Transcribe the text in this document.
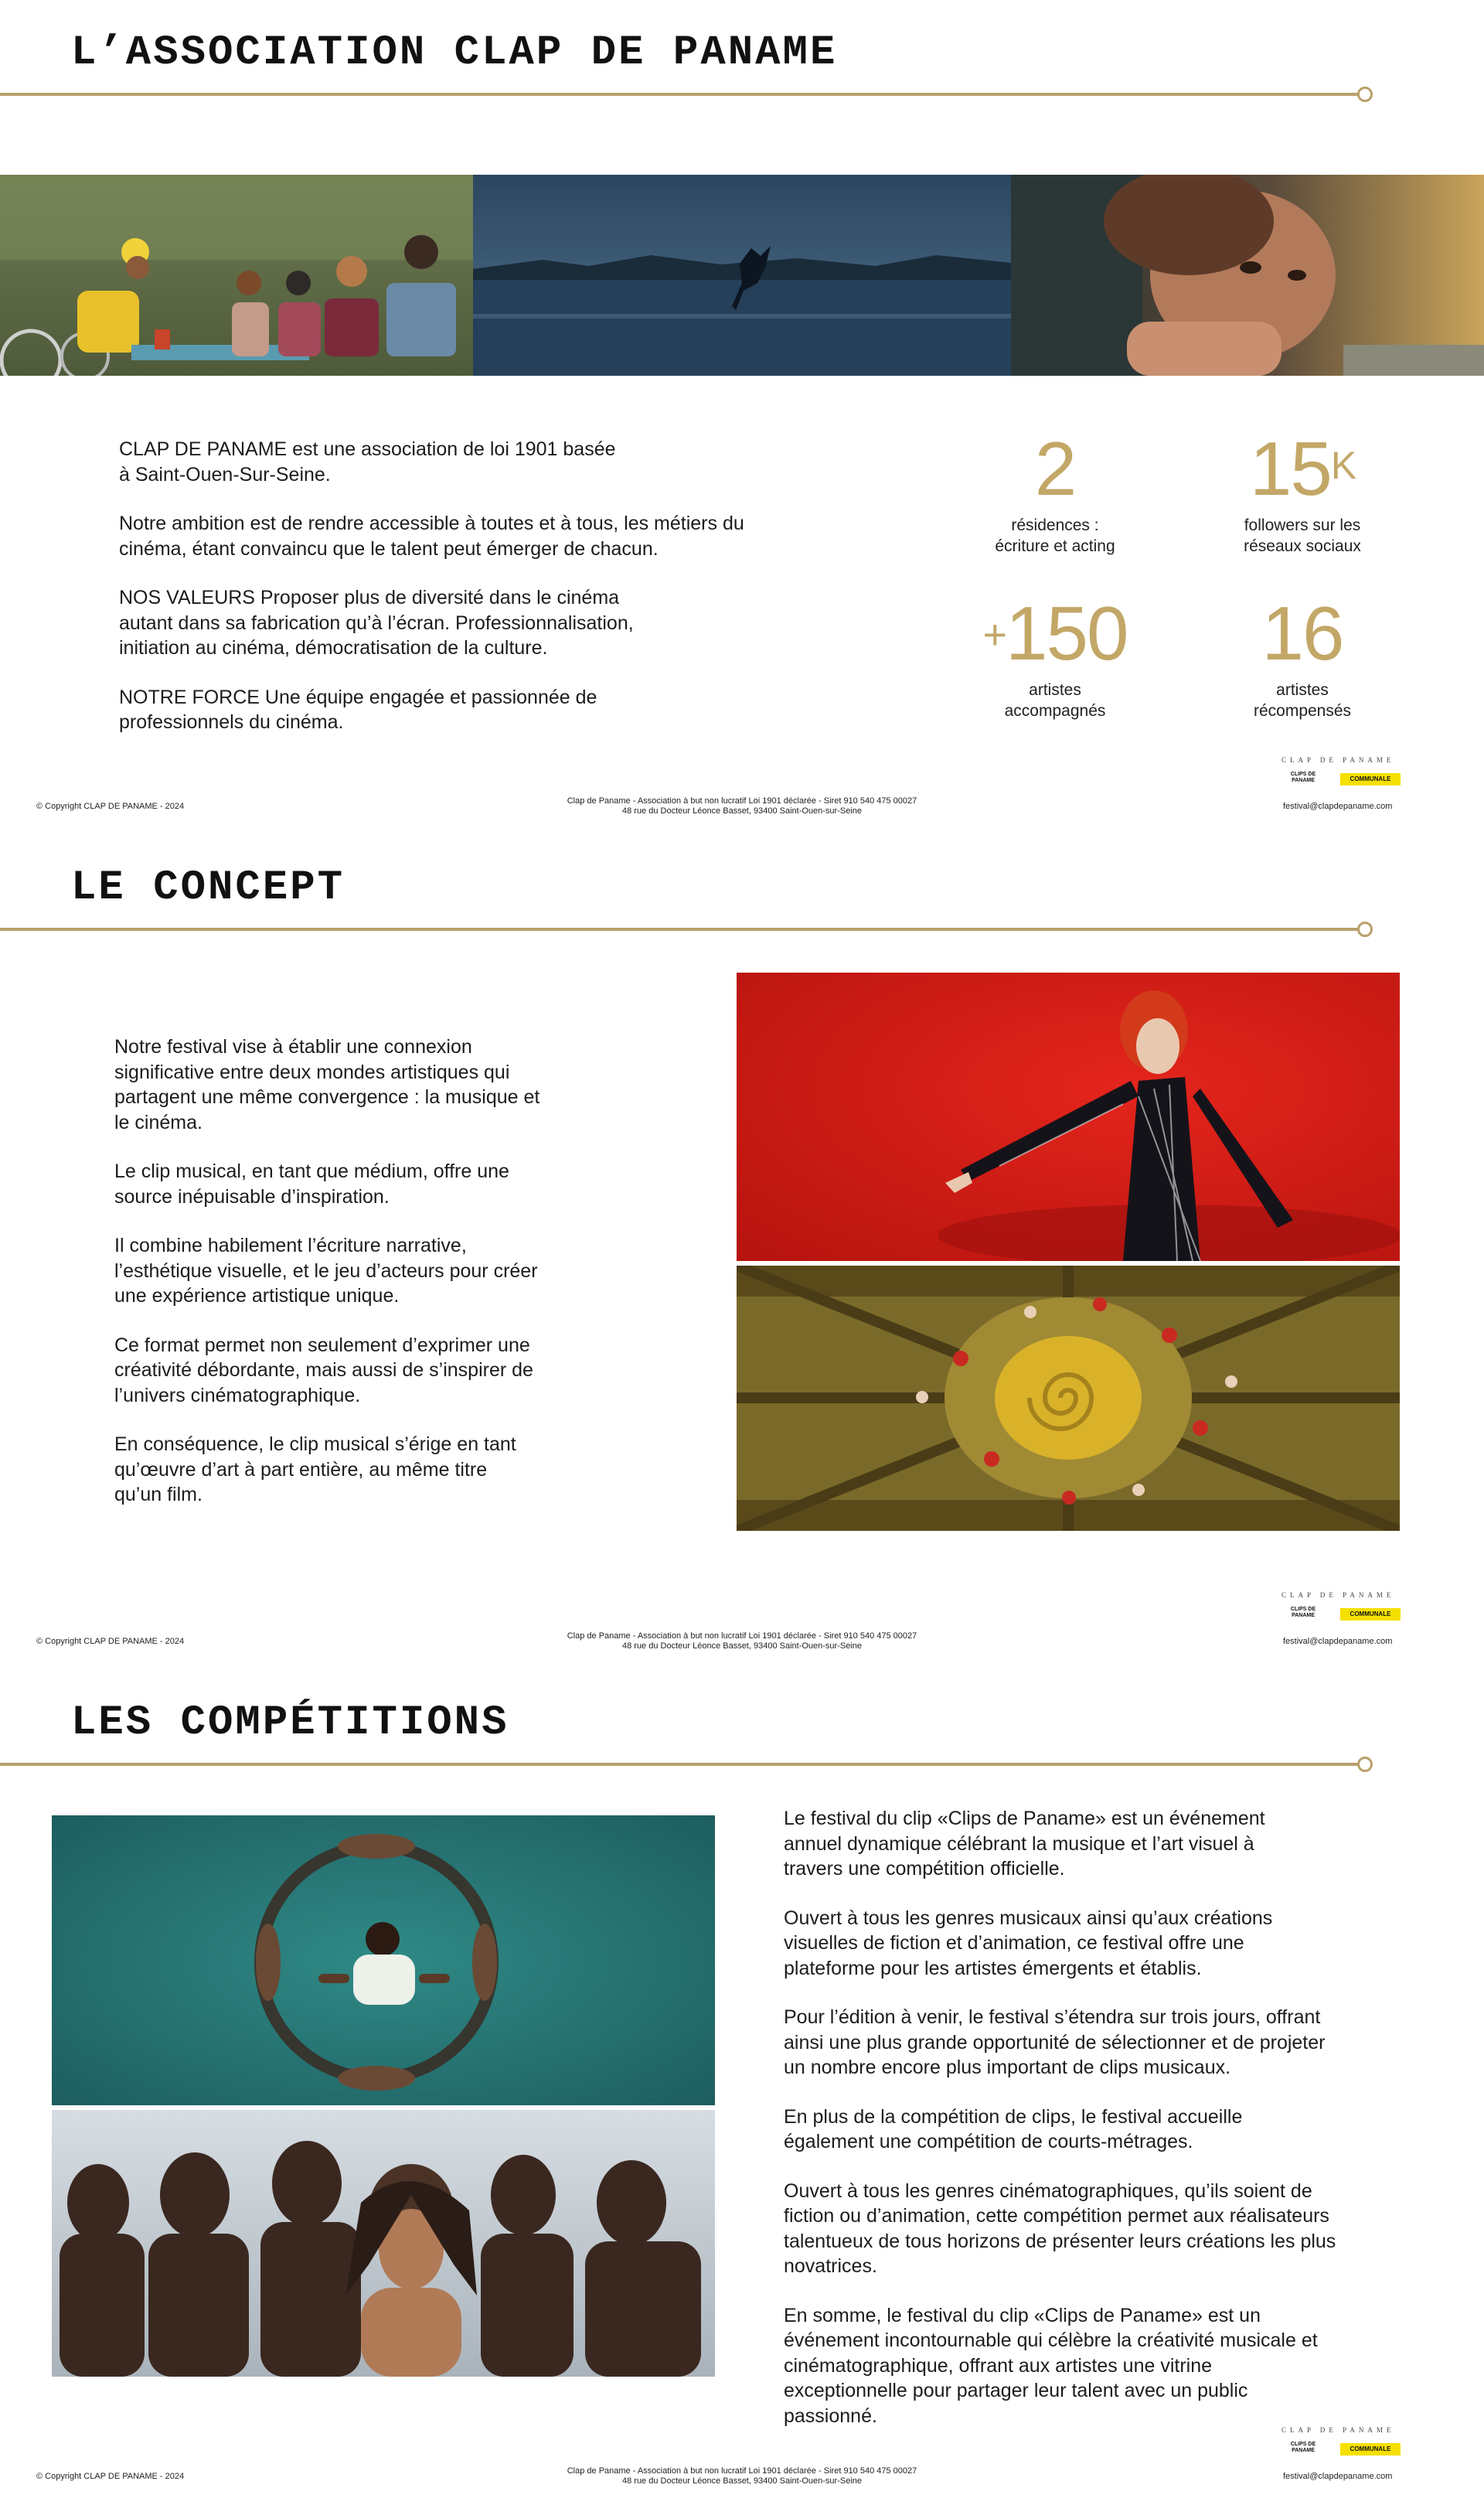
L’ASSOCIATION CLAP DE PANAME

CLAP DE PANAME est une association de loi 1901 basée à Saint-Ouen-Sur-Seine.

Notre ambition est de rendre accessible à toutes et à tous, les métiers du cinéma, étant convaincu que le talent peut émerger de chacun.

NOS VALEURS Proposer plus de diversité dans le cinéma autant dans sa fabrication qu’à l’écran. Professionnalisation, initiation au cinéma, démocratisation de la culture.

NOTRE FORCE Une équipe engagée et passionnée de professionnels du cinéma.

2
résidences :
écriture et acting
$15^K$
followers sur les
réseaux sociaux
+150
artistes
accompagnés
16
artistes
récompensés
© Copyright CLAP DE PANAME - 2024
Clap de Paname - Association à but non lucratif Loi 1901 déclarée - Siret 910 540 475 00027
48 rue du Docteur Léonce Basset, 93400 Saint-Ouen-sur-Seine
CLAP DE PANAME
CLIPS DE PANAME	COMMUNALE
festival@clapdepaname.com
LE CONCEPT

Notre festival vise à établir une connexion significative entre deux mondes artistiques qui partagent une même convergence : la musique et le cinéma.

Le clip musical, en tant que médium, offre une source inépuisable d’inspiration.

Il combine habilement l’écriture narrative, l’esthétique visuelle, et le jeu d’acteurs pour créer une expérience artistique unique.

Ce format permet non seulement d’exprimer une créativité débordante, mais aussi de s’inspirer de l’univers cinématographique.

En conséquence, le clip musical s’érige en tant qu’œuvre d’art à part entière, au même titre qu’un film.

© Copyright CLAP DE PANAME - 2024
Clap de Paname - Association à but non lucratif Loi 1901 déclarée - Siret 910 540 475 00027
48 rue du Docteur Léonce Basset, 93400 Saint-Ouen-sur-Seine
CLAP DE PANAME
CLIPS DE PANAME	COMMUNALE
festival@clapdepaname.com
LES COMPÉTITIONS

Le festival du clip «Clips de Paname» est un événement annuel dynamique célébrant la musique et l’art visuel à travers une compétition officielle.

Ouvert à tous les genres musicaux ainsi qu’aux créations visuelles de fiction et d’animation, ce festival offre une plateforme pour les artistes émergents et établis.

Pour l’édition à venir, le festival s’étendra sur trois jours, offrant ainsi une plus grande opportunité de sélectionner et de projeter un nombre encore plus important de clips musicaux.

En plus de la compétition de clips, le festival accueille également une compétition de courts-métrages.

Ouvert à tous les genres cinématographiques, qu’ils soient de fiction ou d’animation, cette compétition permet aux réalisateurs talentueux de tous horizons de présenter leurs créations les plus novatrices.

En somme, le festival du clip «Clips de Paname» est un événement incontournable qui célèbre la créativité musicale et cinématographique, offrant aux artistes une vitrine exceptionnelle pour partager leur talent avec un public passionné.

© Copyright CLAP DE PANAME - 2024
Clap de Paname - Association à but non lucratif Loi 1901 déclarée - Siret 910 540 475 00027
48 rue du Docteur Léonce Basset, 93400 Saint-Ouen-sur-Seine
CLAP DE PANAME
CLIPS DE PANAME	COMMUNALE
festival@clapdepaname.com
